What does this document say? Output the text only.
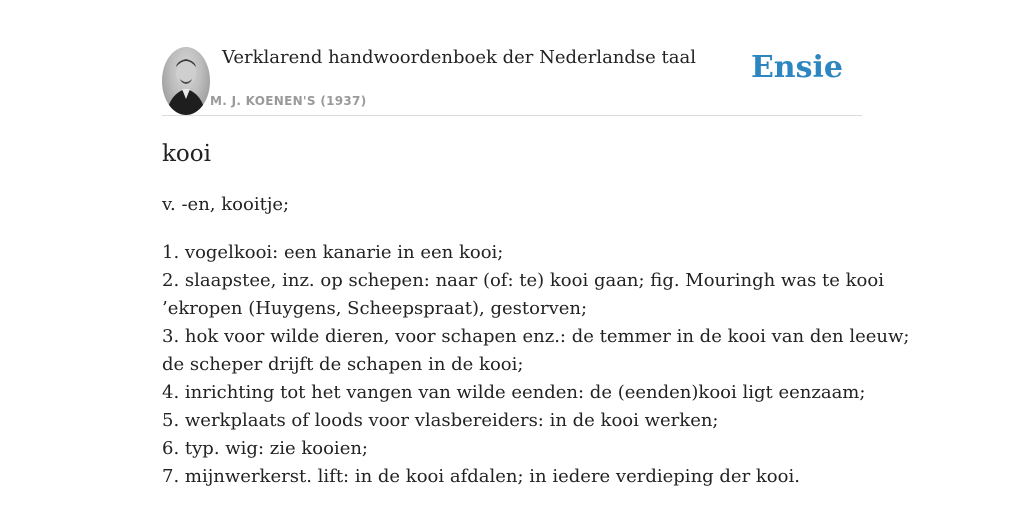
Verklarend handwoordenboek der Nederlandse taal
M. J. KOENEN'S (1937)
Ensie
kooi
v. -en, kooitje;
1. vogelkooi: een kanarie in een kooi;
2. slaapstee, inz. op schepen: naar (of: te) kooi gaan; fig. Mouringh was te kooi
’ekropen (Huygens, Scheepspraat), gestorven;
3. hok voor wilde dieren, voor schapen enz.: de temmer in de kooi van den leeuw;
de scheper drijft de schapen in de kooi;
4. inrichting tot het vangen van wilde eenden: de (eenden)kooi ligt eenzaam;
5. werkplaats of loods voor vlasbereiders: in de kooi werken;
6. typ. wig: zie kooien;
7. mijnwerkerst. lift: in de kooi afdalen; in iedere verdieping der kooi.
